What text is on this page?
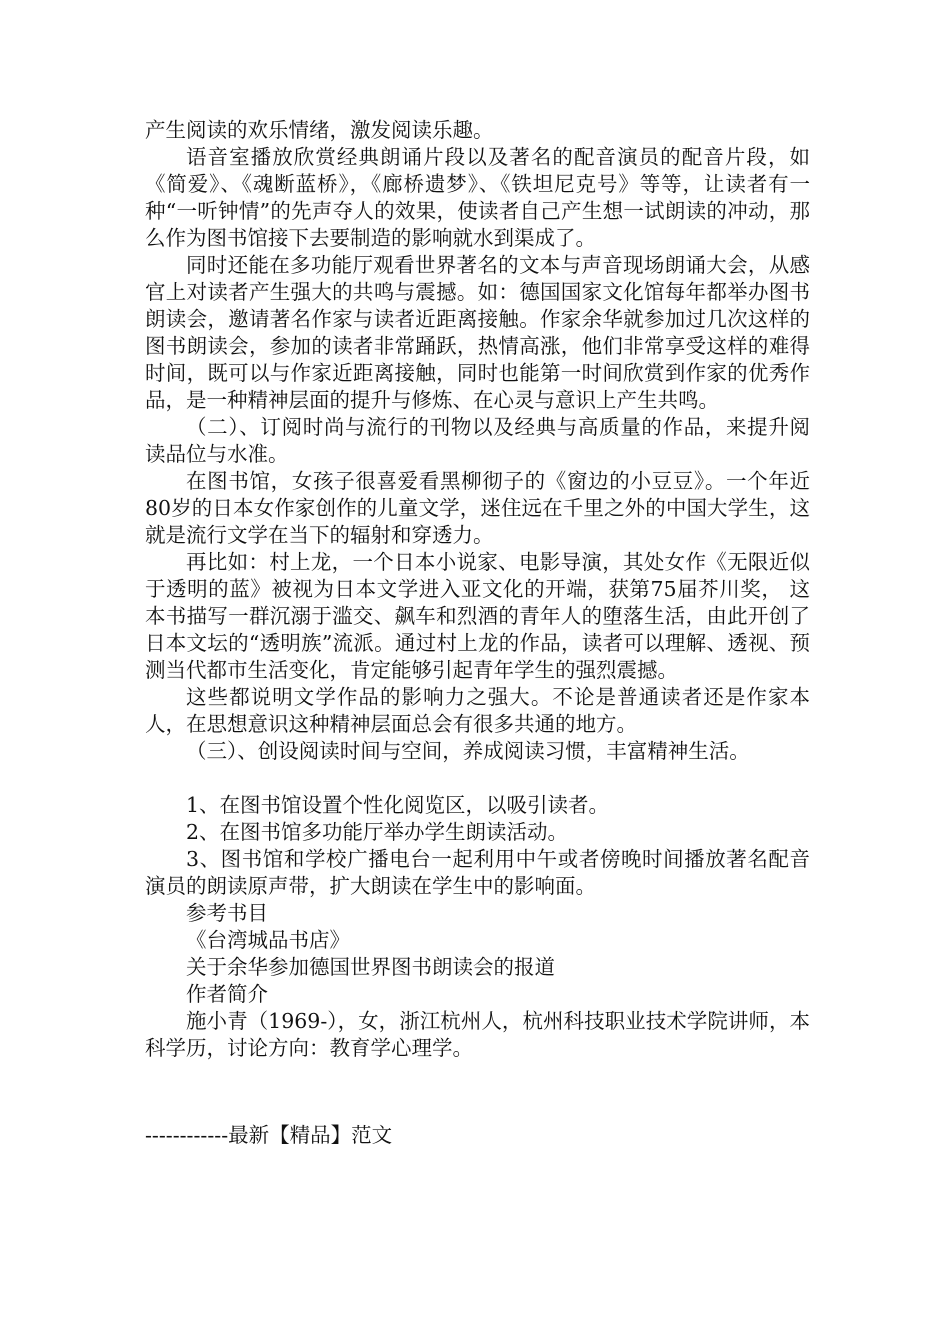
产生阅读的欢乐情绪，激发阅读乐趣。

语音室播放欣赏经典朗诵片段以及著名的配音演员的配音片段，如《简爱》、《魂断蓝桥》，《廊桥遗梦》、《铁坦尼克号》等等，让读者有一种“一听钟情”的先声夺人的效果，使读者自己产生想一试朗读的冲动，那么作为图书馆接下去要制造的影响就水到渠成了。

同时还能在多功能厅观看世界著名的文本与声音现场朗诵大会，从感官上对读者产生强大的共鸣与震撼。如：德国国家文化馆每年都举办图书朗读会，邀请著名作家与读者近距离接触。作家余华就参加过几次这样的图书朗读会，参加的读者非常踊跃，热情高涨，他们非常享受这样的难得时间，既可以与作家近距离接触，同时也能第一时间欣赏到作家的优秀作品，是一种精神层面的提升与修炼、在心灵与意识上产生共鸣。

（二）、订阅时尚与流行的刊物以及经典与高质量的作品，来提升阅读品位与水准。

在图书馆，女孩子很喜爱看黑柳彻子的《窗边的小豆豆》。一个年近80岁的日本女作家创作的儿童文学，迷住远在千里之外的中国大学生，这就是流行文学在当下的辐射和穿透力。

再比如：村上龙，一个日本小说家、电影导演，其处女作《无限近似于透明的蓝》被视为日本文学进入亚文化的开端，获第75届芥川奖， 这本书描写一群沉溺于滥交、飙车和烈酒的青年人的堕落生活，由此开创了日本文坛的“透明族”流派。通过村上龙的作品，读者可以理解、透视、预测当代都市生活变化，肯定能够引起青年学生的强烈震撼。

这些都说明文学作品的影响力之强大。不论是普通读者还是作家本人，在思想意识这种精神层面总会有很多共通的地方。

（三）、创设阅读时间与空间，养成阅读习惯，丰富精神生活。

1、在图书馆设置个性化阅览区，以吸引读者。

2、在图书馆多功能厅举办学生朗读活动。

3、图书馆和学校广播电台一起利用中午或者傍晚时间播放著名配音演员的朗读原声带，扩大朗读在学生中的影响面。

参考书目

《台湾城品书店》

关于余华参加德国世界图书朗读会的报道

作者简介

施小青（1969-），女，浙江杭州人，杭州科技职业技术学院讲师，本科学历，讨论方向：教育学心理学。

------------最新【精品】范文
